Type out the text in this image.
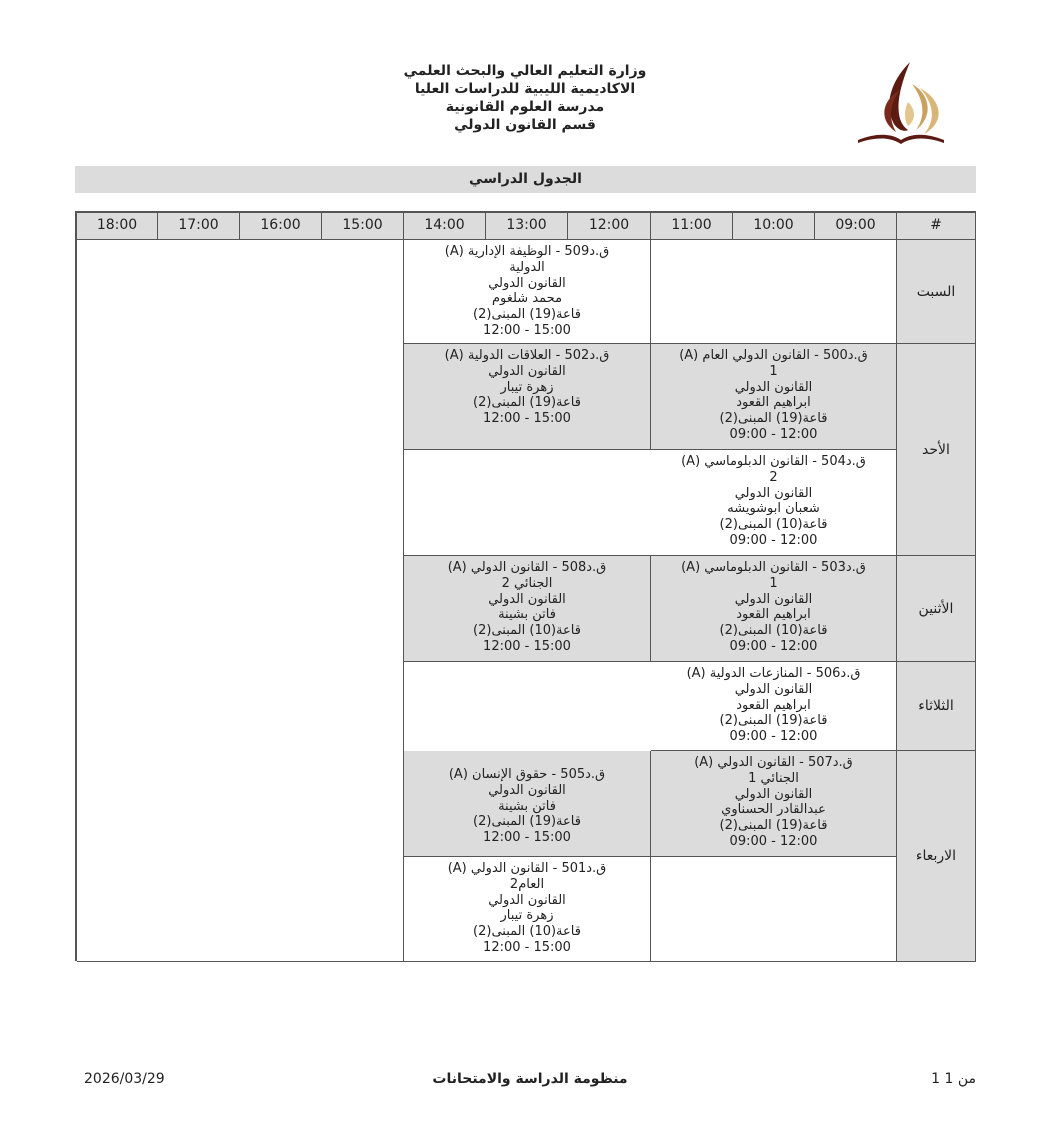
وزارة التعليم العالي والبحث العلمي
الاكاديمية الليبية للدراسات العليا
مدرسة العلوم القانونية
قسم القانون الدولي
الجدول الدراسي
#
09:00
10:00
11:00
12:00
13:00
14:00
15:00
16:00
17:00
18:00
السبت
الأحد
الأثنين
الثلاثاء
الاربعاء
(A) ق.د509 - الوظيفة الإدارية
الدولية
القانون الدولي
محمد شلغوم
قاعة(19) المبنى(2)
12:00 - 15:00
(A) ق.د500 - القانون الدولي العام
1
القانون الدولي
ابراهيم القعود
قاعة(19) المبنى(2)
09:00 - 12:00
(A) ق.د502 - العلاقات الدولية
القانون الدولي
زهرة تيبار
قاعة(19) المبنى(2)
12:00 - 15:00
(A) ق.د504 - القانون الدبلوماسي
2
القانون الدولي
شعبان ابوشويشه
قاعة(10) المبنى(2)
09:00 - 12:00
(A) ق.د503 - القانون الدبلوماسي
1
القانون الدولي
ابراهيم القعود
قاعة(10) المبنى(2)
09:00 - 12:00
(A) ق.د508 - القانون الدولي
الجنائي 2
القانون الدولي
فاتن بشينة
قاعة(10) المبنى(2)
12:00 - 15:00
(A) ق.د506 - المنازعات الدولية
القانون الدولي
ابراهيم القعود
قاعة(19) المبنى(2)
09:00 - 12:00
(A) ق.د507 - القانون الدولي
الجنائي 1
القانون الدولي
عبدالقادر الحسناوي
قاعة(19) المبنى(2)
09:00 - 12:00
(A) ق.د505 - حقوق الإنسان
القانون الدولي
فاتن بشينة
قاعة(19) المبنى(2)
12:00 - 15:00
(A) ق.د501 - القانون الدولي
العام2
القانون الدولي
زهرة تيبار
قاعة(10) المبنى(2)
12:00 - 15:00
1 من 1
منظومة الدراسة والامتحانات
2026/03/29
